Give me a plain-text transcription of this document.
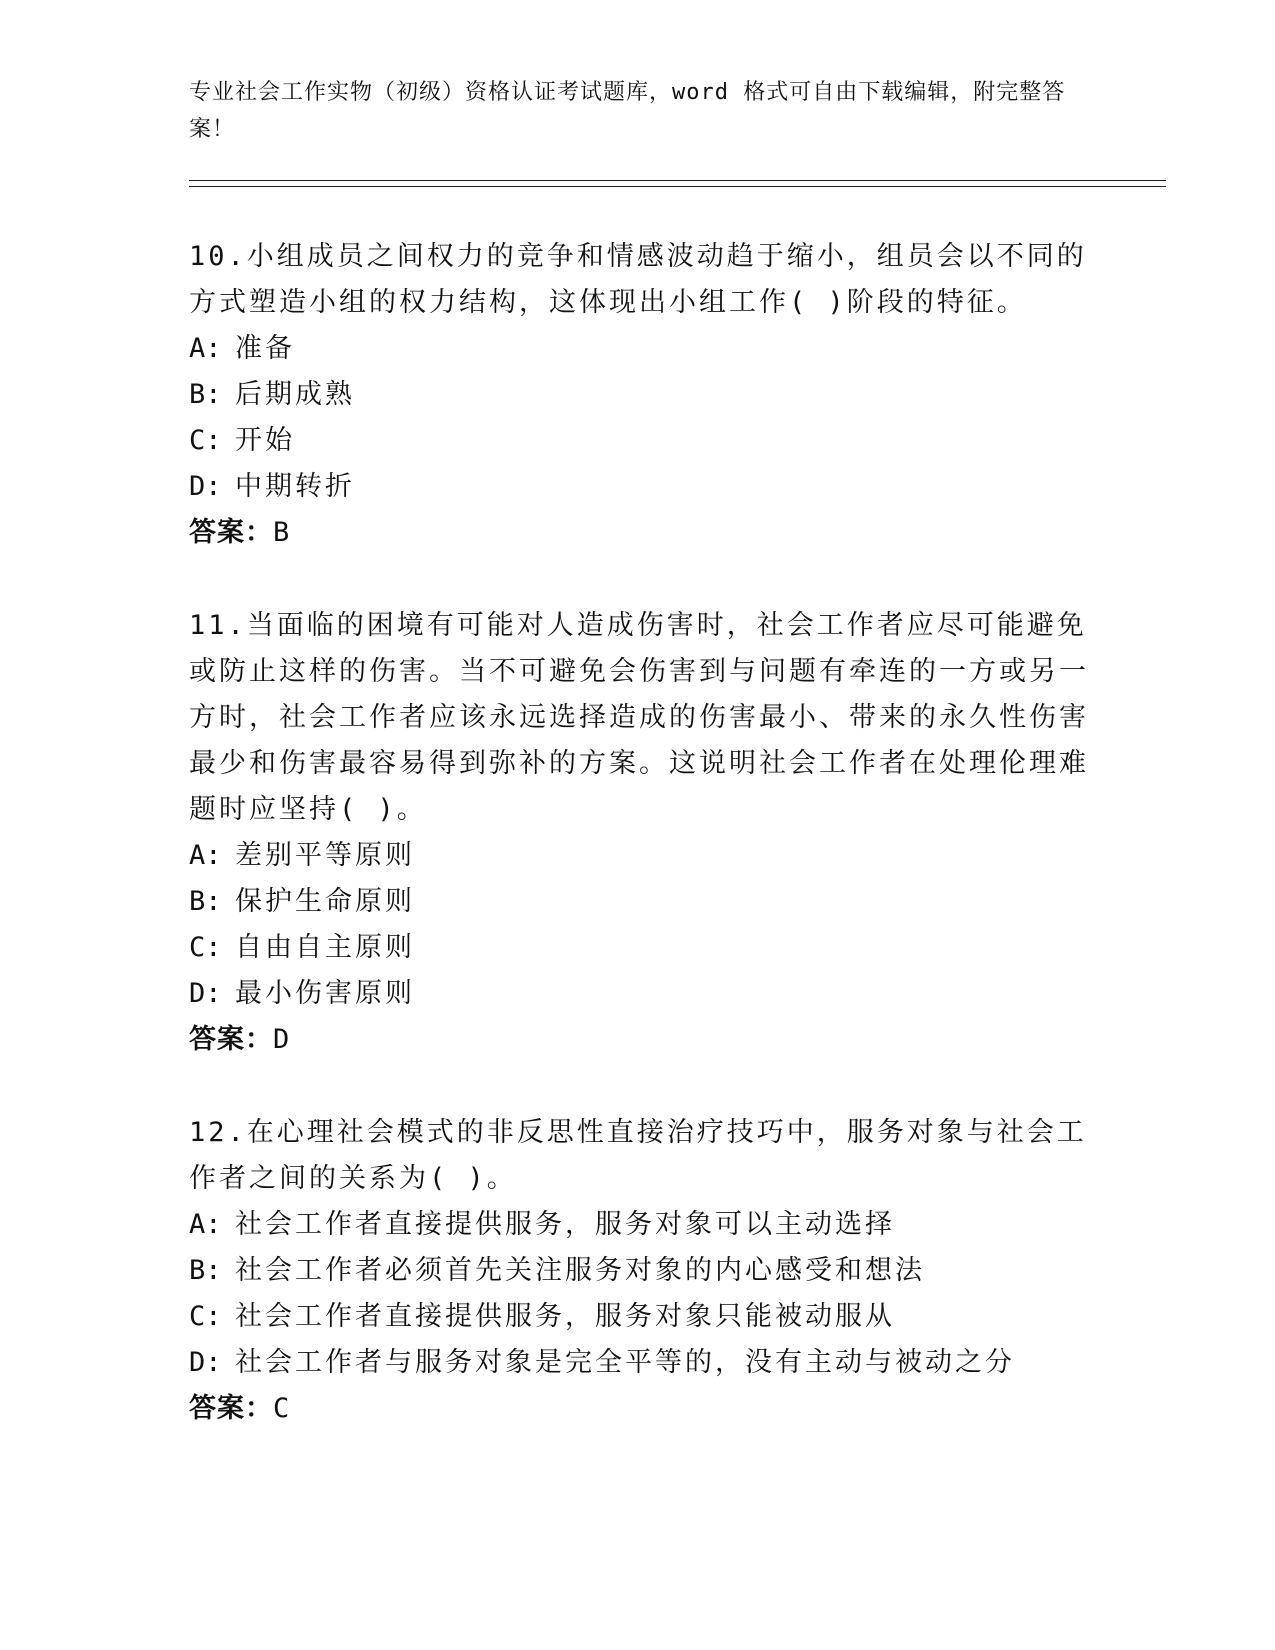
专业社会工作实物（初级）资格认证考试题库，word 格式可自由下载编辑，附完整答案！

10.小组成员之间权力的竞争和情感波动趋于缩小，组员会以不同的方式塑造小组的权力结构，这体现出小组工作( )阶段的特征。

A: 准备

B: 后期成熟

C: 开始

D: 中期转折

答案：B

11.当面临的困境有可能对人造成伤害时，社会工作者应尽可能避免或防止这样的伤害。当不可避免会伤害到与问题有牵连的一方或另一方时，社会工作者应该永远选择造成的伤害最小、带来的永久性伤害最少和伤害最容易得到弥补的方案。这说明社会工作者在处理伦理难题时应坚持( )。

A: 差别平等原则

B: 保护生命原则

C: 自由自主原则

D: 最小伤害原则

答案：D

12.在心理社会模式的非反思性直接治疗技巧中，服务对象与社会工作者之间的关系为( )。

A: 社会工作者直接提供服务，服务对象可以主动选择

B: 社会工作者必须首先关注服务对象的内心感受和想法

C: 社会工作者直接提供服务，服务对象只能被动服从

D: 社会工作者与服务对象是完全平等的，没有主动与被动之分

答案：C
